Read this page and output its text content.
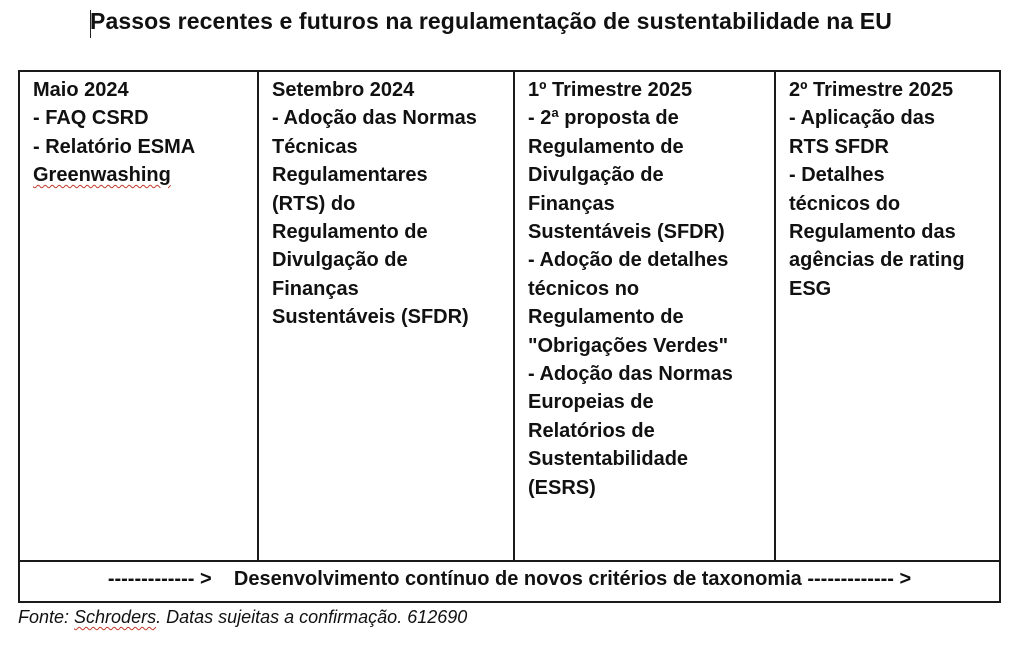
Passos recentes e futuros na regulamentação de sustentabilidade na EU
Maio 2024
- FAQ CSRD
- Relatório ESMA
Greenwashing
Setembro 2024
- Adoção das Normas
Técnicas
Regulamentares
(RTS) do
Regulamento de
Divulgação de
Finanças
Sustentáveis (SFDR)
1º Trimestre 2025
- 2ª proposta de
Regulamento de
Divulgação de
Finanças
Sustentáveis (SFDR)
- Adoção de detalhes
técnicos no
Regulamento de
"Obrigações Verdes"
- Adoção das Normas
Europeias de
Relatórios de
Sustentabilidade
(ESRS)
2º Trimestre 2025
- Aplicação das
RTS SFDR
- Detalhes
técnicos do
Regulamento das
agências de rating
ESG
------------- > Desenvolvimento contínuo de novos critérios de taxonomia ------------- >
Fonte: Schroders. Datas sujeitas a confirmação. 612690
